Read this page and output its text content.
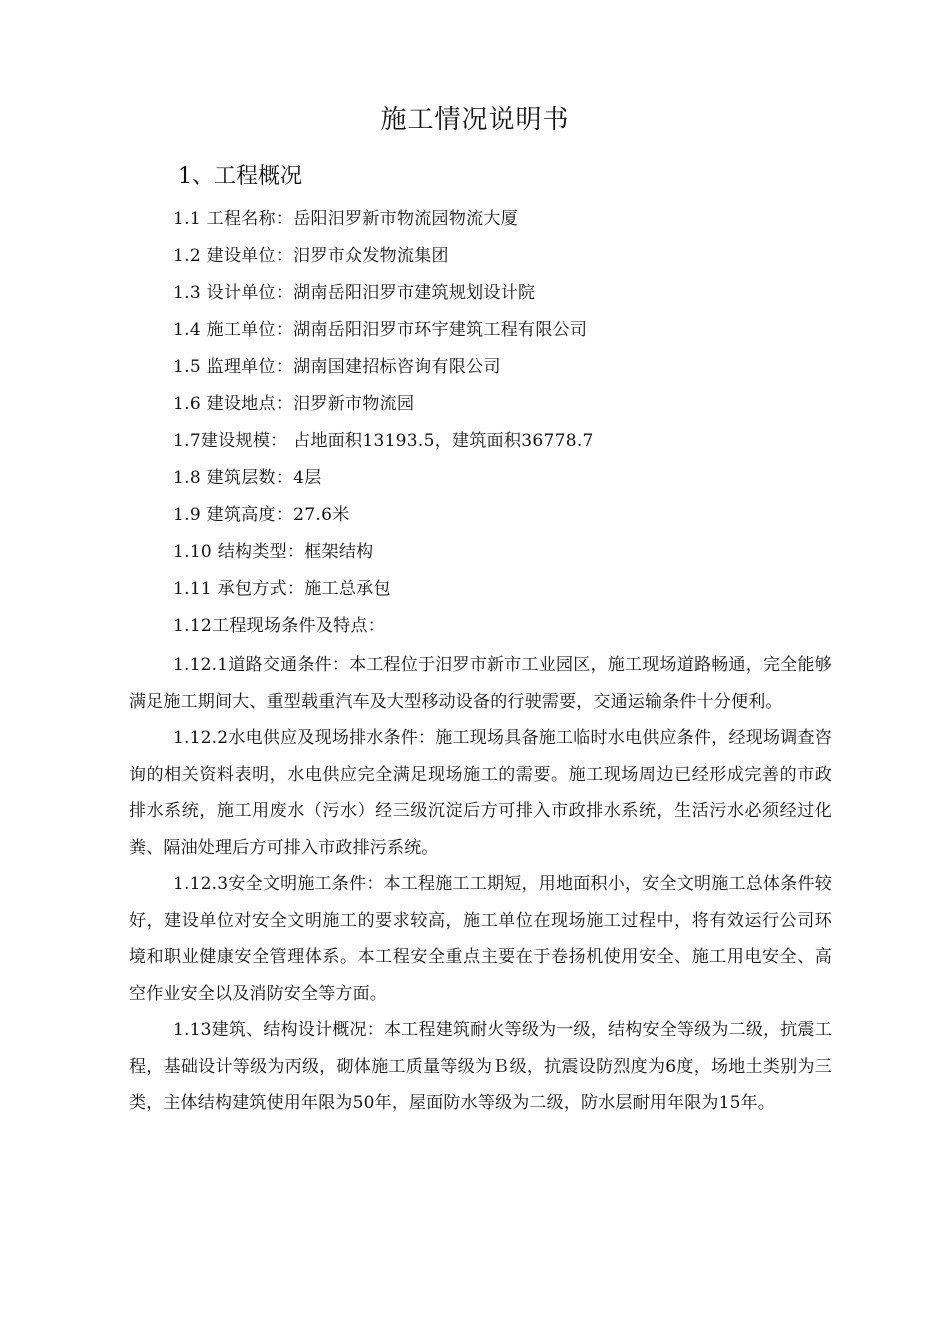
施工情况说明书
1、工程概况
1.1 工程名称：岳阳汨罗新市物流园物流大厦
1.2 建设单位：汨罗市众发物流集团
1.3 设计单位：湖南岳阳汨罗市建筑规划设计院
1.4 施工单位：湖南岳阳汨罗市环宇建筑工程有限公司
1.5 监理单位：湖南国建招标咨询有限公司
1.6 建设地点：汨罗新市物流园
1.7建设规模： 占地面积13193.5，建筑面积36778.7
1.8 建筑层数：4层
1.9 建筑高度：27.6米
1.10 结构类型：框架结构
1.11 承包方式：施工总承包
1.12工程现场条件及特点：

1.12.1道路交通条件：本工程位于汨罗市新市工业园区，施工现场道路畅通，完全能够满足施工期间大、重型载重汽车及大型移动设备的行驶需要，交通运输条件十分便利。

1.12.2水电供应及现场排水条件：施工现场具备施工临时水电供应条件，经现场调查咨询的相关资料表明，水电供应完全满足现场施工的需要。施工现场周边已经形成完善的市政排水系统，施工用废水（污水）经三级沉淀后方可排入市政排水系统，生活污水必须经过化粪、隔油处理后方可排入市政排污系统。

1.12.3安全文明施工条件：本工程施工工期短，用地面积小，安全文明施工总体条件较好，建设单位对安全文明施工的要求较高，施工单位在现场施工过程中，将有效运行公司环境和职业健康安全管理体系。本工程安全重点主要在于卷扬机使用安全、施工用电安全、高空作业安全以及消防安全等方面。

1.13建筑、结构设计概况：本工程建筑耐火等级为一级，结构安全等级为二级，抗震工程，基础设计等级为丙级，砌体施工质量等级为Ｂ级，抗震设防烈度为6度，场地土类别为三类，主体结构建筑使用年限为50年，屋面防水等级为二级，防水层耐用年限为15年。
